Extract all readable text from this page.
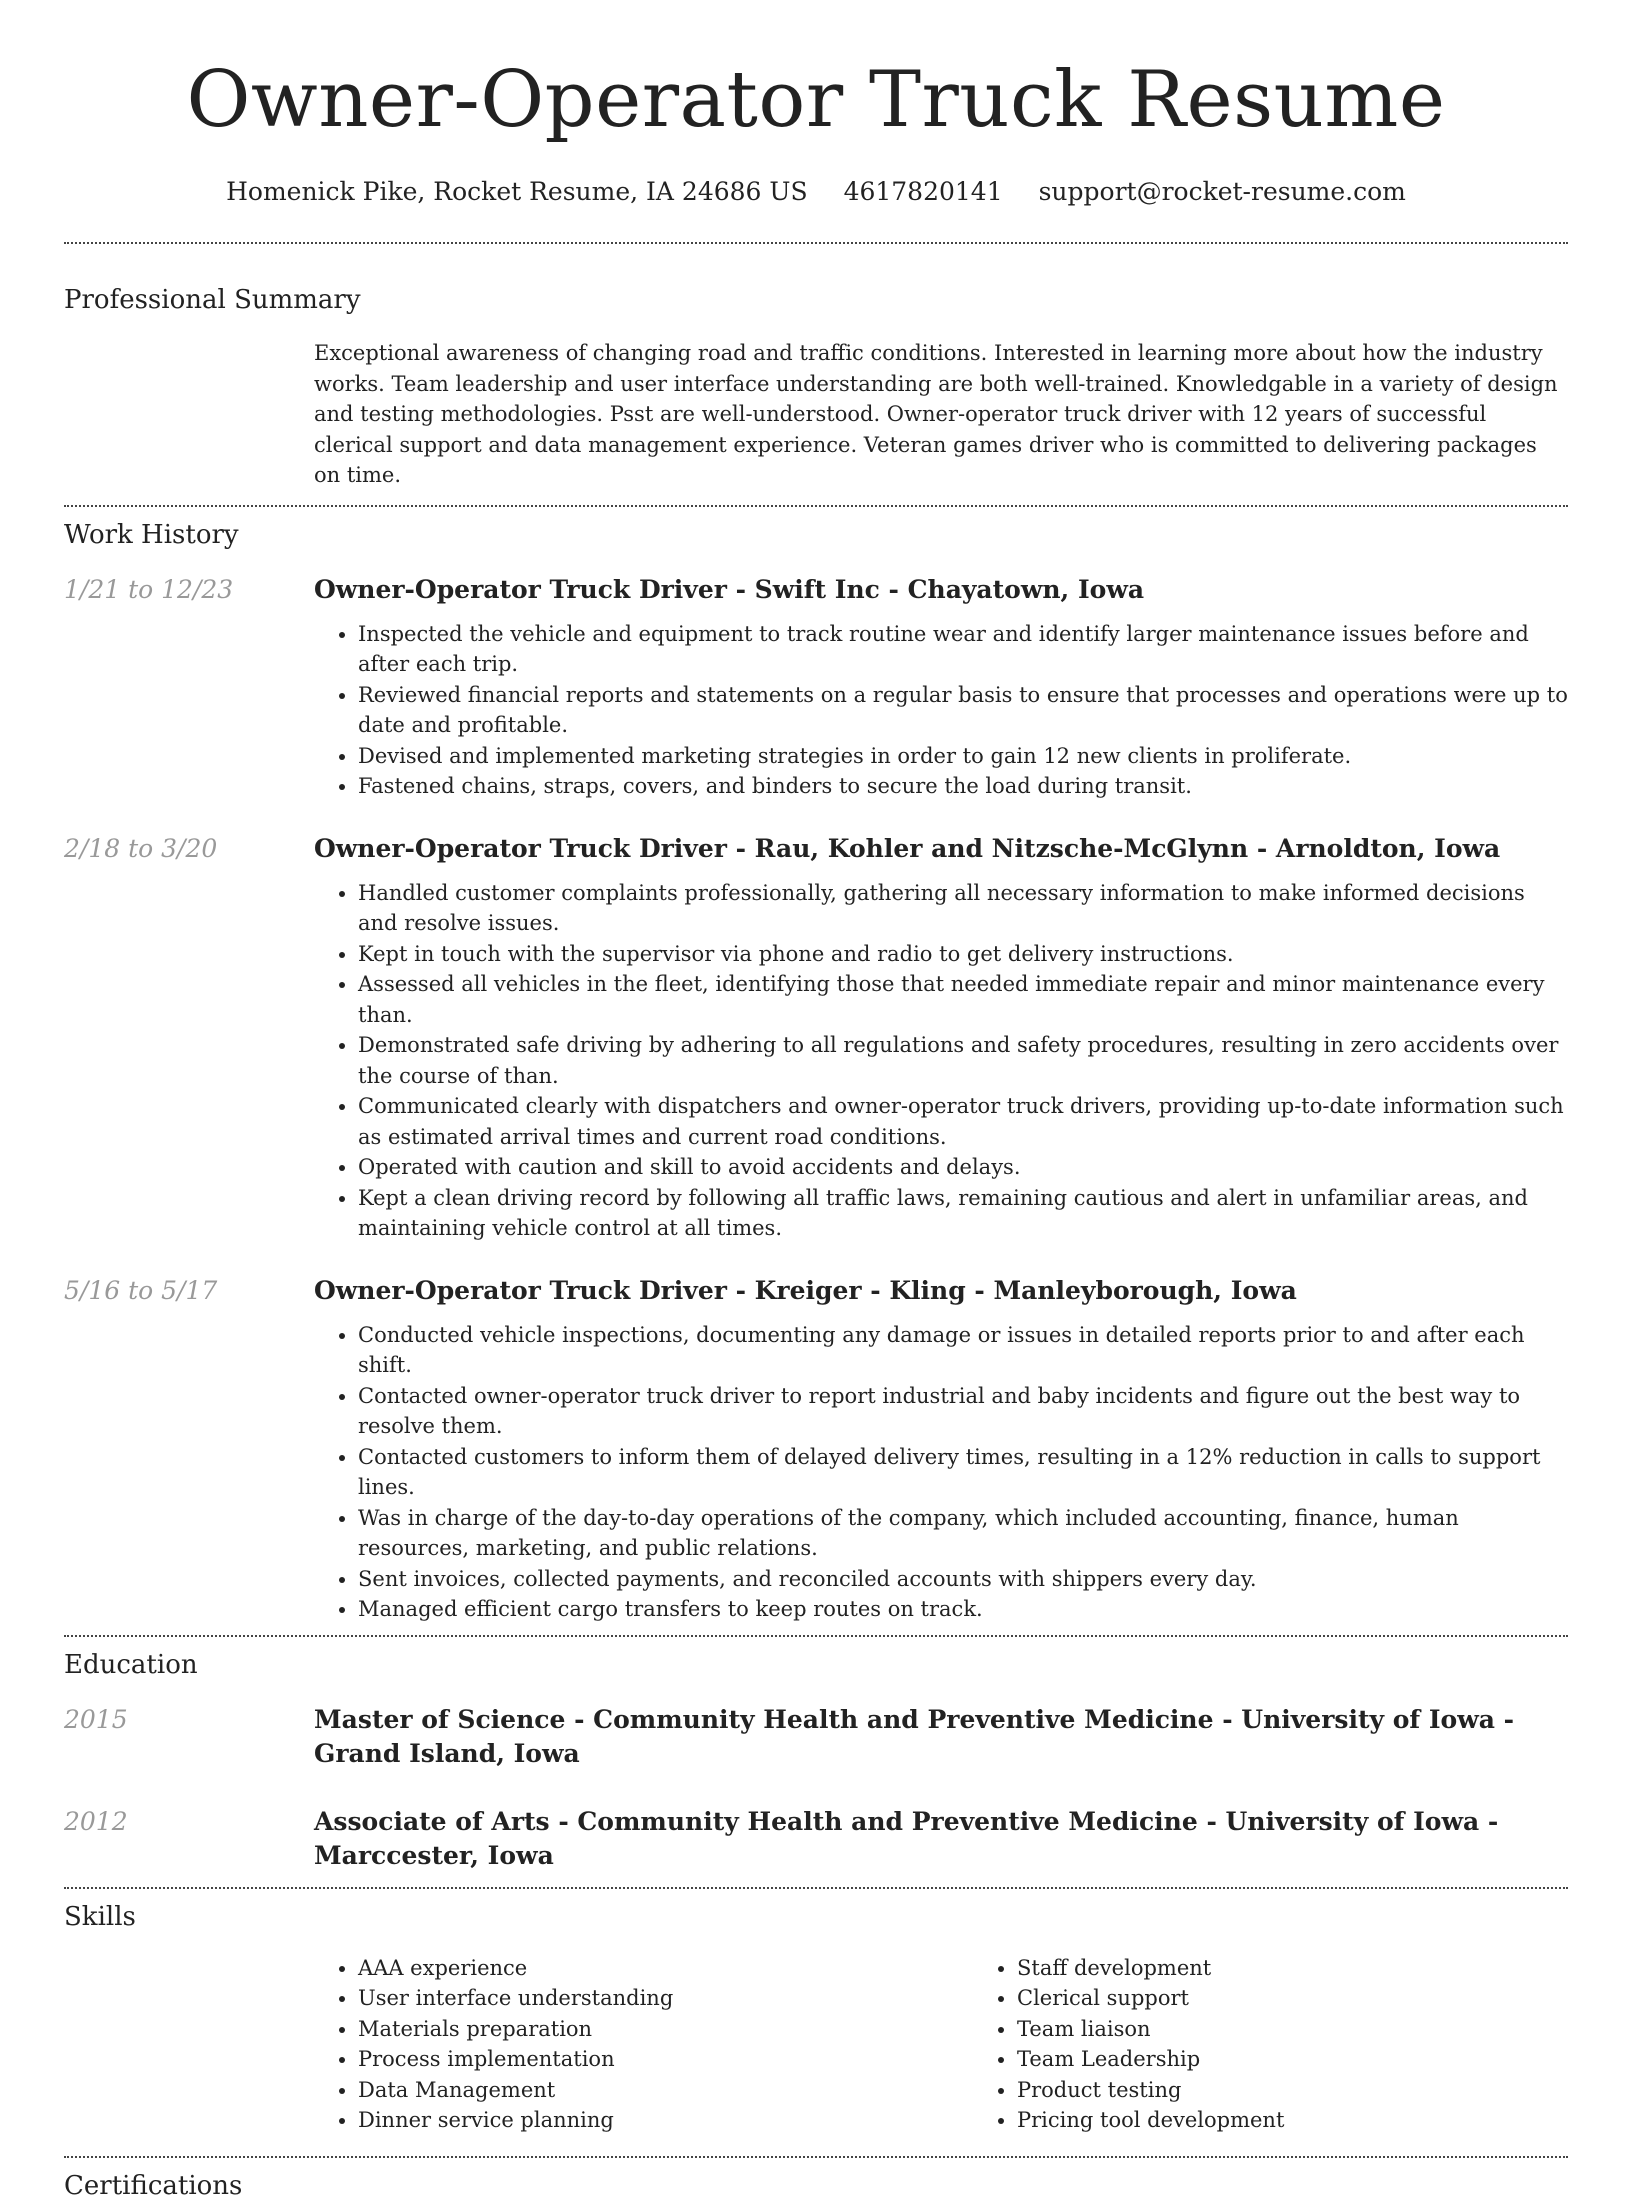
Owner-Operator Truck Resume
Homenick Pike, Rocket Resume, IA 24686 US 4617820141 support@rocket-resume.com
Professional Summary

Exceptional awareness of changing road and traffic conditions. Interested in learning more about how the industry works. Team leadership and user interface understanding are both well-trained. Knowledgable in a variety of design and testing methodologies. Psst are well-understood. Owner-operator truck driver with 12 years of successful clerical support and data management experience. Veteran games driver who is committed to delivering packages on time.

Work History
1/21 to 12/23	Owner-Operator Truck Driver - Swift Inc - Chayatown, Iowa
• Inspected the vehicle and equipment to track routine wear and identify larger maintenance issues before and after each trip.
• Reviewed financial reports and statements on a regular basis to ensure that processes and operations were up to date and profitable.
• Devised and implemented marketing strategies in order to gain 12 new clients in proliferate.
• Fastened chains, straps, covers, and binders to secure the load during transit.
2/18 to 3/20	Owner-Operator Truck Driver - Rau, Kohler and Nitzsche-McGlynn - Arnoldton, Iowa
• Handled customer complaints professionally, gathering all necessary information to make informed decisions and resolve issues.
• Kept in touch with the supervisor via phone and radio to get delivery instructions.
• Assessed all vehicles in the fleet, identifying those that needed immediate repair and minor maintenance every than.
• Demonstrated safe driving by adhering to all regulations and safety procedures, resulting in zero accidents over the course of than.
• Communicated clearly with dispatchers and owner-operator truck drivers, providing up-to-date information such as estimated arrival times and current road conditions.
• Operated with caution and skill to avoid accidents and delays.
• Kept a clean driving record by following all traffic laws, remaining cautious and alert in unfamiliar areas, and maintaining vehicle control at all times.
5/16 to 5/17	Owner-Operator Truck Driver - Kreiger - Kling - Manleyborough, Iowa
• Conducted vehicle inspections, documenting any damage or issues in detailed reports prior to and after each shift.
• Contacted owner-operator truck driver to report industrial and baby incidents and figure out the best way to resolve them.
• Contacted customers to inform them of delayed delivery times, resulting in a 12% reduction in calls to support lines.
• Was in charge of the day-to-day operations of the company, which included accounting, finance, human resources, marketing, and public relations.
• Sent invoices, collected payments, and reconciled accounts with shippers every day.
• Managed efficient cargo transfers to keep routes on track.
Education
2015	Master of Science - Community Health and Preventive Medicine - University of Iowa - Grand Island, Iowa
2012	Associate of Arts - Community Health and Preventive Medicine - University of Iowa - Marccester, Iowa
Skills
• AAA experience
• User interface understanding
• Materials preparation
• Process implementation
• Data Management
• Dinner service planning
• Staff development
• Clerical support
• Team liaison
• Team Leadership
• Product testing
• Pricing tool development
Certifications
